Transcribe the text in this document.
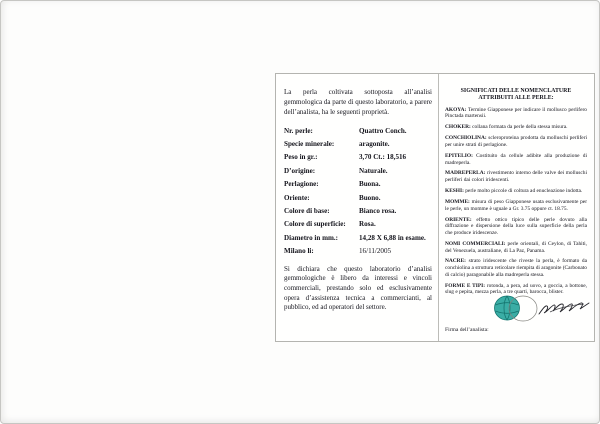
La perla coltivata sottoposta all’analisi gemmologica da parte di questo laboratorio, a parere dell’analista, ha le seguenti proprietà.

Nr. perle:	Quattro Conch.
Specie minerale:	aragonite.
Peso in gr.:	3,70 Ct.: 18,516
D’origine:	Naturale.
Perlagione:	Buona.
Oriente:	Buono.
Colore di base:	Bianco rosa.
Colore di superficie:	Rosa.
Diametro in mm.:	14,28 X 6,88 in esame.
Milano li:	16/11/2005

Si dichiara che questo laboratorio d’analisi gemmologiche è libero da interessi e vincoli commerciali, prestando solo ed esclusivamente opera d’assistenza tecnica a commercianti, al pubblico, ed ad operatori del settore.

SIGNIFICATI DELLE NOMENCLATURE ATTRIBUITI ALLE PERLE:

AKOYA: Termine Giapponese per indicare il mollusco perlifero Pinctada martensii.

CHOKER: collana formata da perle della stessa misura.

CONCHIOLINA: scleroproteina prodotta da molluschi perliferi per unire strati di perlagione.

EPITELIO: Costituito da cellule adibite alla produzione di madreperla.

MADREPERLA: rivestimento interno delle valve dei molluschi perliferi dai colori iridescenti.

KESHI: perle molto piccole di coltura ad enucleazione indotta.

MOMME: misura di peso Giapponese usata esclusivamente per le perle, un momme è uguale a Gr. 3.75 oppure ct. 18.75.

ORIENTE: effetto ottico tipico delle perle dovuto alla diffrazione e dispersione della luce sulla superficie della perla che produce iridescenze.

NOMI COMMERCIALI: perle orientali, di Ceylon, di Tahiti, del Venezuela, australiane, di La Paz, Panama.

NACRE: strato iridescente che riveste la perla, è formato da conchiolina a struttura reticolare riempita di aragonite (Carbonato di calcio) paragonabile alla madreperla stessa.

FORME E TIPI: rotonda, a pera, ad uovo, a goccia, a bottone, slug e pepita, mezza perla, a tre quarti, barocca, blister.

Firma dell’analista:
